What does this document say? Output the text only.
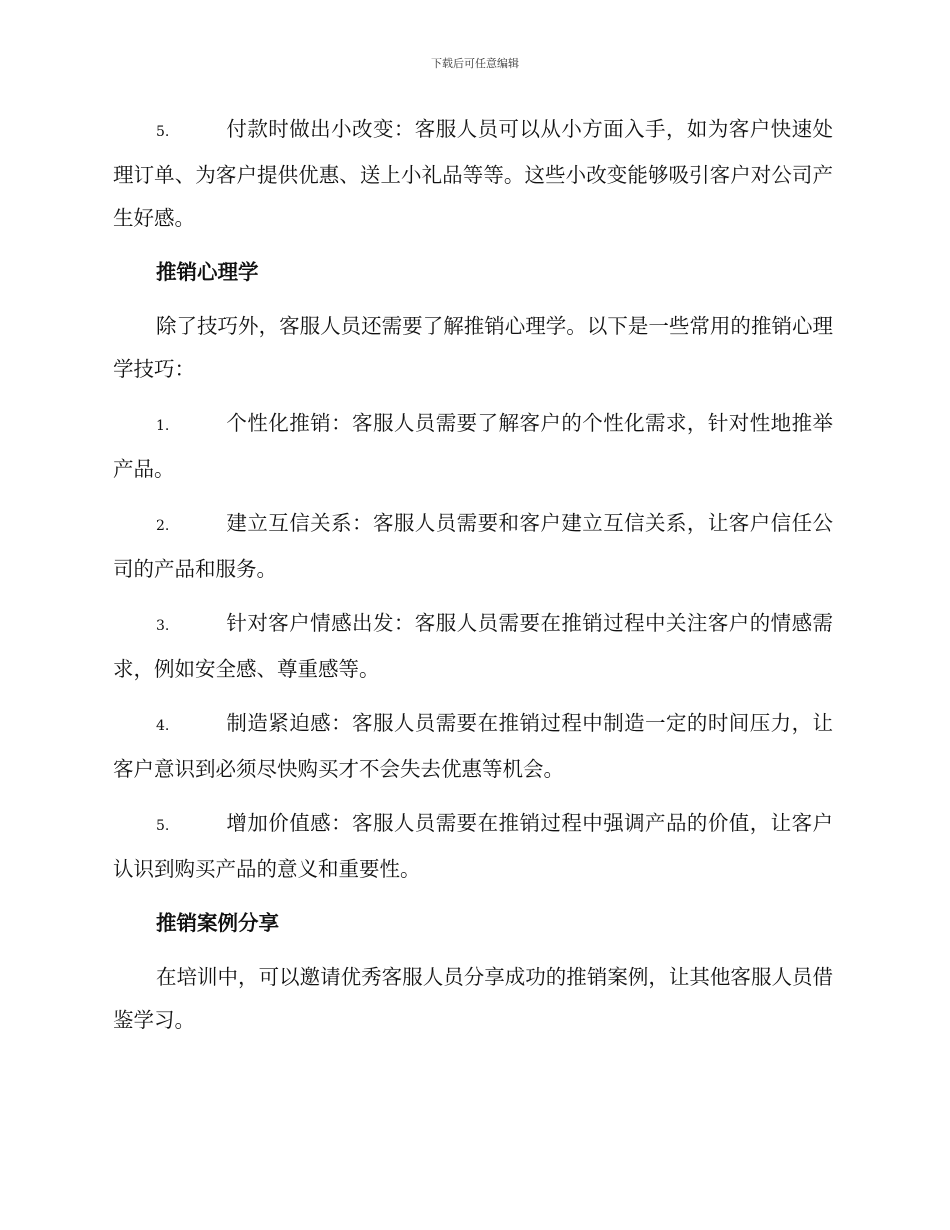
下载后可任意编辑

5.	付款时做出小改变：客服人员可以从小方面入手，如为客户快速处理订单、为客户提供优惠、送上小礼品等等。这些小改变能够吸引客户对公司产生好感。

推销心理学

除了技巧外，客服人员还需要了解推销心理学。以下是一些常用的推销心理学技巧：

1.	个性化推销：客服人员需要了解客户的个性化需求，针对性地推举产品。

2.	建立互信关系：客服人员需要和客户建立互信关系，让客户信任公司的产品和服务。

3.	针对客户情感出发：客服人员需要在推销过程中关注客户的情感需求，例如安全感、尊重感等。

4.	制造紧迫感：客服人员需要在推销过程中制造一定的时间压力，让客户意识到必须尽快购买才不会失去优惠等机会。

5.	增加价值感：客服人员需要在推销过程中强调产品的价值，让客户认识到购买产品的意义和重要性。

推销案例分享

在培训中，可以邀请优秀客服人员分享成功的推销案例，让其他客服人员借鉴学习。
